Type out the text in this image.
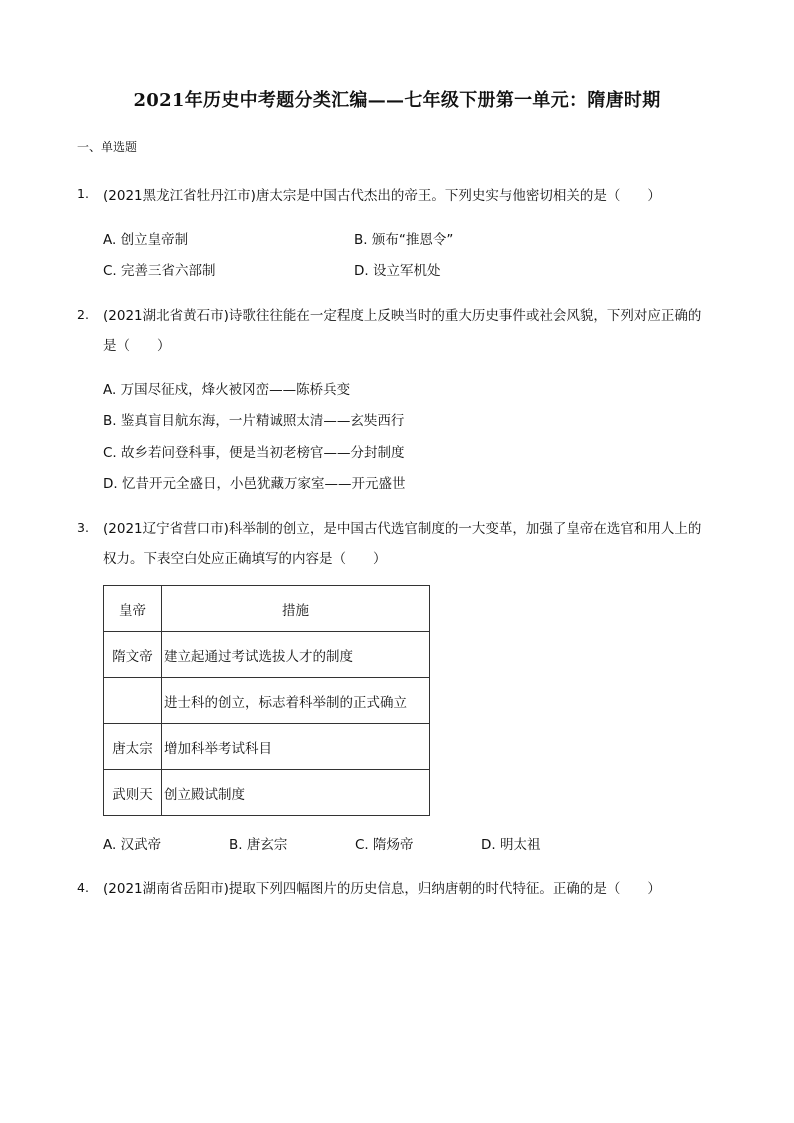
2021年历史中考题分类汇编——七年级下册第一单元：隋唐时期
一、单选题
1. (2021黑龙江省牡丹江市)唐太宗是中国古代杰出的帝王。下列史实与他密切相关的是（　　）
A. 创立皇帝制	B. 颁布“推恩令”
C. 完善三省六部制	D. 设立军机处
2. (2021湖北省黄石市)诗歌往往能在一定程度上反映当时的重大历史事件或社会风貌，下列对应正确的
是（　　）
A. 万国尽征戍，烽火被冈峦——陈桥兵变
B. 鉴真盲目航东海，一片精诚照太清——玄奘西行
C. 故乡若问登科事，便是当初老榜官——分封制度
D. 忆昔开元全盛日，小邑犹藏万家室——开元盛世
3. (2021辽宁省营口市)科举制的创立，是中国古代选官制度的一大变革，加强了皇帝在选官和用人上的
权力。下表空白处应正确填写的内容是（　　）
皇帝	措施
隋文帝	建立起通过考试选拔人才的制度
	进士科的创立，标志着科举制的正式确立
唐太宗	增加科举考试科目
武则天	创立殿试制度
A. 汉武帝	B. 唐玄宗	C. 隋炀帝	D. 明太祖
4. (2021湖南省岳阳市)提取下列四幅图片的历史信息，归纳唐朝的时代特征。正确的是（　　）
